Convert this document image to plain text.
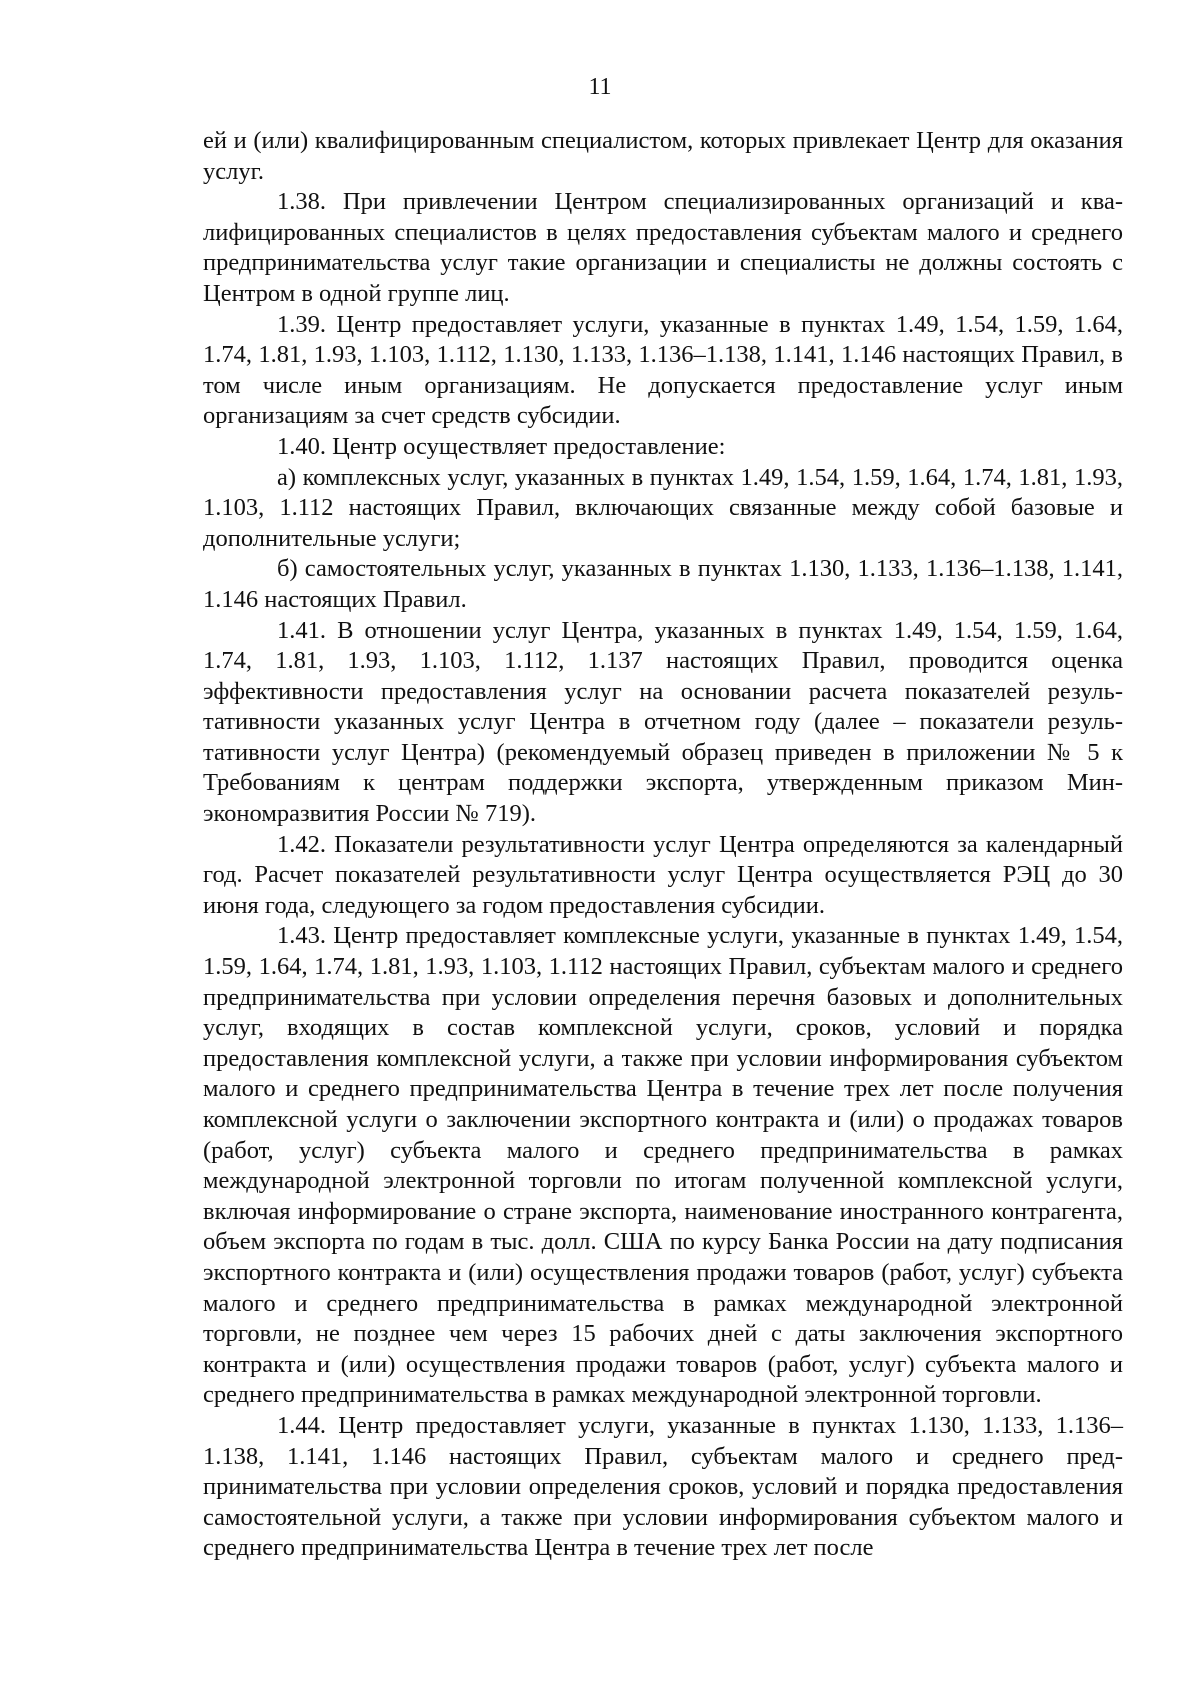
11

ей и (или) квалифицированным специалистом, которых привлекает Центр для оказания услуг.

1.38. При привлечении Центром специализированных организаций и квалифицированных специалистов в целях предоставления субъектам малого и среднего предпринимательства услуг такие организации и специалисты не должны состоять с Центром в одной группе лиц.

1.39. Центр предоставляет услуги, указанные в пунктах 1.49, 1.54, 1.59, 1.64, 1.74, 1.81, 1.93, 1.103, 1.112, 1.130, 1.133, 1.136–1.138, 1.141, 1.146 настоящих Правил, в том числе иным организациям. Не допускается предоставление услуг иным организациям за счет средств субсидии.

1.40. Центр осуществляет предоставление:

а) комплексных услуг, указанных в пунктах 1.49, 1.54, 1.59, 1.64, 1.74, 1.81, 1.93, 1.103, 1.112 настоящих Правил, включающих связанные между собой базовые и дополнительные услуги;

б) самостоятельных услуг, указанных в пунктах 1.130, 1.133, 1.136–1.138, 1.141, 1.146 настоящих Правил.

1.41. В отношении услуг Центра, указанных в пунктах 1.49, 1.54, 1.59, 1.64, 1.74, 1.81, 1.93, 1.103, 1.112, 1.137 настоящих Правил, проводится оценка эффективности предоставления услуг на основании расчета показателей результативности указанных услуг Центра в отчетном году (далее – показатели результативности услуг Центра) (рекомендуемый образец приведен в приложении № 5 к Требованиям к центрам поддержки экспорта, утвержденным приказом Минэкономразвития России № 719).

1.42. Показатели результативности услуг Центра определяются за календарный год. Расчет показателей результативности услуг Центра осуществляется РЭЦ до 30 июня года, следующего за годом предоставления субсидии.

1.43. Центр предоставляет комплексные услуги, указанные в пунктах 1.49, 1.54, 1.59, 1.64, 1.74, 1.81, 1.93, 1.103, 1.112 настоящих Правил, субъектам малого и среднего предпринимательства при условии определения перечня базовых и дополнительных услуг, входящих в состав комплексной услуги, сроков, условий и порядка предоставления комплексной услуги, а также при условии информирования субъектом малого и среднего предпринимательства Центра в течение трех лет после получения комплексной услуги о заключении экспортного контракта и (или) о продажах товаров (работ, услуг) субъекта малого и среднего предпринимательства в рамках международной электронной торговли по итогам полученной комплексной услуги, включая информирование о стране экспорта, наименование иностранного контрагента, объем экспорта по годам в тыс. долл. США по курсу Банка России на дату подписания экспортного контракта и (или) осуществления продажи товаров (работ, услуг) субъекта малого и среднего предпринимательства в рамках международной электронной торговли, не позднее чем через 15 рабочих дней с даты заключения экспортного контракта и (или) осуществления продажи товаров (работ, услуг) субъекта малого и среднего предпринимательства в рамках международной электронной торговли.

1.44. Центр предоставляет услуги, указанные в пунктах 1.130, 1.133, 1.136–1.138, 1.141, 1.146 настоящих Правил, субъектам малого и среднего предпринимательства при условии определения сроков, условий и порядка предоставления самостоятельной услуги, а также при условии информирования субъектом малого и среднего предпринимательства Центра в течение трех лет после
